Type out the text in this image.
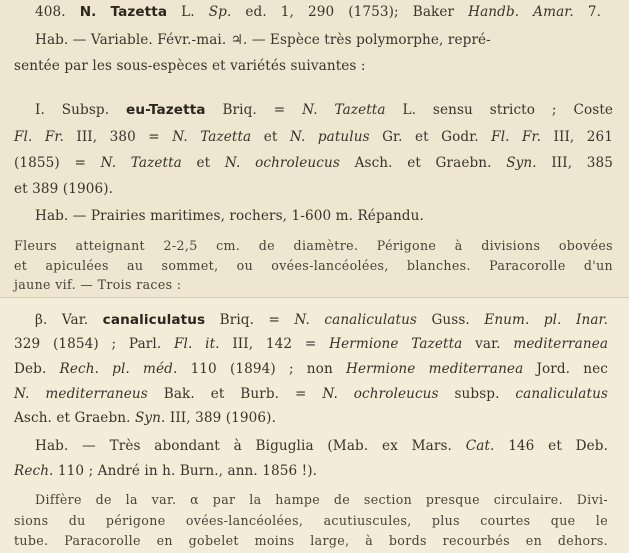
408. N. Tazetta L. Sp. ed. 1, 290 (1753); Baker Handb. Amar. 7.
Hab. — Variable. Févr.-mai. ♃. — Espèce très polymorphe, repré-
sentée par les sous-espèces et variétés suivantes :
I. Subsp. eu-Tazetta Briq. = N. Tazetta L. sensu stricto ; Coste
Fl. Fr. III, 380 = N. Tazetta et N. patulus Gr. et Godr. Fl. Fr. III, 261
(1855) = N. Tazetta et N. ochroleucus Asch. et Graebn. Syn. III, 385
et 389 (1906).
Hab. — Prairies maritimes, rochers, 1-600 m. Répandu.
Fleurs atteignant 2-2,5 cm. de diamètre. Périgone à divisions obovées
et apiculées au sommet, ou ovées-lancéolées, blanches. Paracorolle d'un
jaune vif. — Trois races :
β. Var. canaliculatus Briq. = N. canaliculatus Guss. Enum. pl. Inar.
329 (1854) ; Parl. Fl. it. III, 142 = Hermione Tazetta var. mediterranea
Deb. Rech. pl. méd. 110 (1894) ; non Hermione mediterranea Jord. nec
N. mediterraneus Bak. et Burb. = N. ochroleucus subsp. canaliculatus
Asch. et Graebn. Syn. III, 389 (1906).
Hab. — Très abondant à Biguglia (Mab. ex Mars. Cat. 146 et Deb.
Rech. 110 ; André in h. Burn., ann. 1856 !).
Diffère de la var. α par la hampe de section presque circulaire. Divi-
sions du périgone ovées-lancéolées, acutiuscules, plus courtes que le
tube. Paracorolle en gobelet moins large, à bords recourbés en dehors.
